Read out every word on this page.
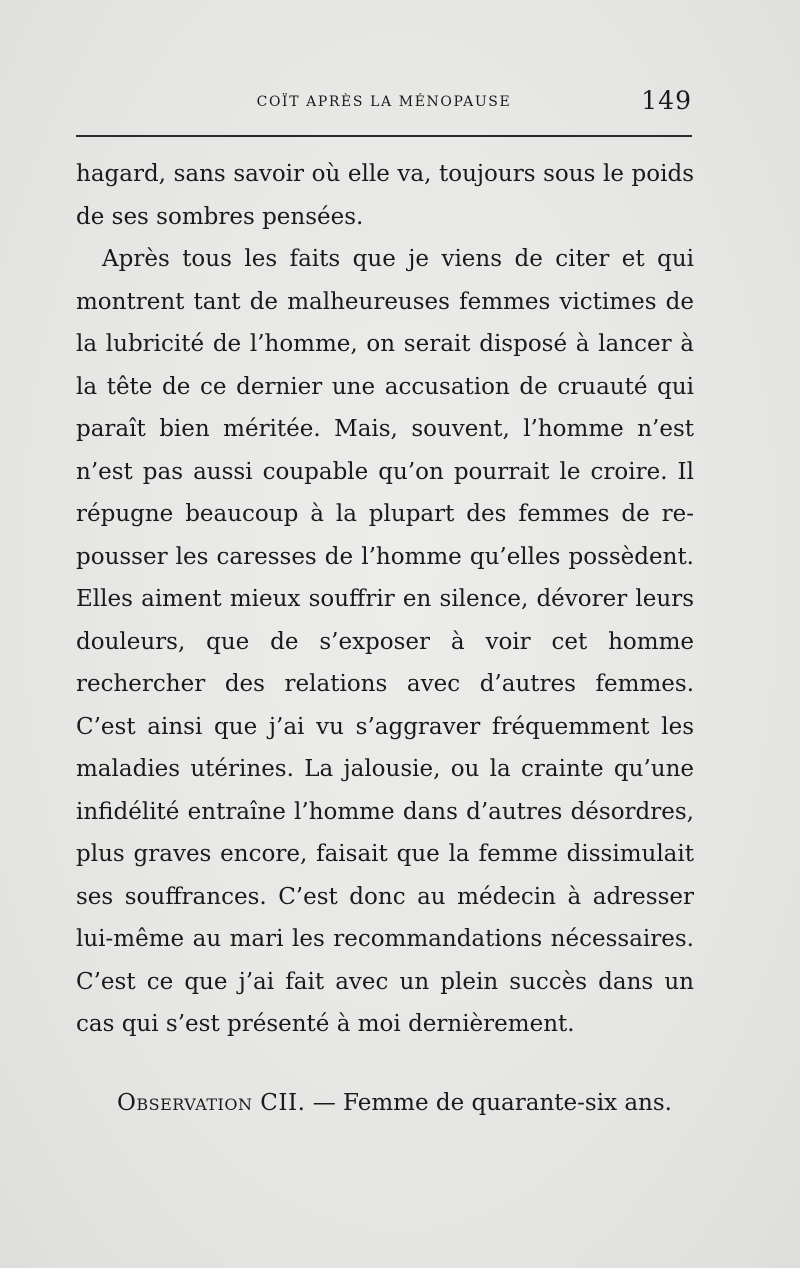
COÏT APRÈS LA MÉNOPAUSE	149

hagard, sans savoir où elle va, toujours sous le poids de ses sombres pensées.

Après tous les faits que je viens de citer et qui montrent tant de malheureuses femmes victimes de la lubricité de l’homme, on serait disposé à lancer à la tête de ce dernier une accusation de cruauté qui paraît bien méritée. Mais, souvent, l’homme n’est n’est pas aussi coupable qu’on pourrait le croire. Il répugne beaucoup à la plupart des femmes de repousser les caresses de l’homme qu’elles possèdent. Elles aiment mieux souffrir en silence, dévorer leurs douleurs, que de s’exposer à voir cet homme rechercher des relations avec d’autres femmes. C’est ainsi que j’ai vu s’aggraver fréquemment les maladies utérines. La jalousie, ou la crainte qu’une infidélité entraîne l’homme dans d’autres désordres, plus graves encore, faisait que la femme dissimulait ses souffrances. C’est donc au médecin à adresser lui-même au mari les recommandations nécessaires. C’est ce que j’ai fait avec un plein succès dans un cas qui s’est présenté à moi dernièrement.

Observation CII. — Femme de quarante-six ans.
